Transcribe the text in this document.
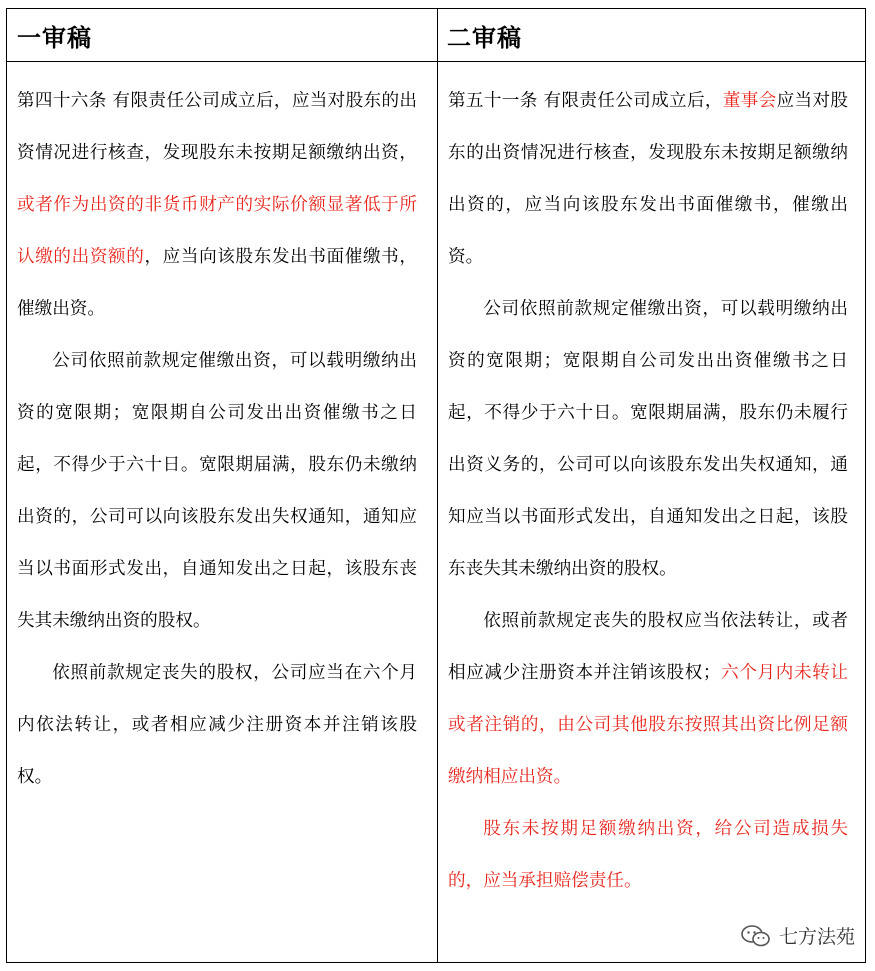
一审稿	二审稿

第四十六条 有限责任公司成立后，应当对股东的出资情况进行核查，发现股东未按期足额缴纳出资，或者作为出资的非货币财产的实际价额显著低于所认缴的出资额的，应当向该股东发出书面催缴书，催缴出资。

公司依照前款规定催缴出资，可以载明缴纳出资的宽限期；宽限期自公司发出出资催缴书之日起，不得少于六十日。宽限期届满，股东仍未缴纳出资的，公司可以向该股东发出失权通知，通知应当以书面形式发出，自通知发出之日起，该股东丧失其未缴纳出资的股权。

依照前款规定丧失的股权，公司应当在六个月内依法转让，或者相应减少注册资本并注销该股权。

第五十一条 有限责任公司成立后，董事会应当对股东的出资情况进行核查，发现股东未按期足额缴纳出资的，应当向该股东发出书面催缴书，催缴出资。

公司依照前款规定催缴出资，可以载明缴纳出资的宽限期；宽限期自公司发出出资催缴书之日起，不得少于六十日。宽限期届满，股东仍未履行出资义务的，公司可以向该股东发出失权通知，通知应当以书面形式发出，自通知发出之日起，该股东丧失其未缴纳出资的股权。

依照前款规定丧失的股权应当依法转让，或者相应减少注册资本并注销该股权；六个月内未转让或者注销的，由公司其他股东按照其出资比例足额缴纳相应出资。

股东未按期足额缴纳出资，给公司造成损失的，应当承担赔偿责任。

七方法苑
